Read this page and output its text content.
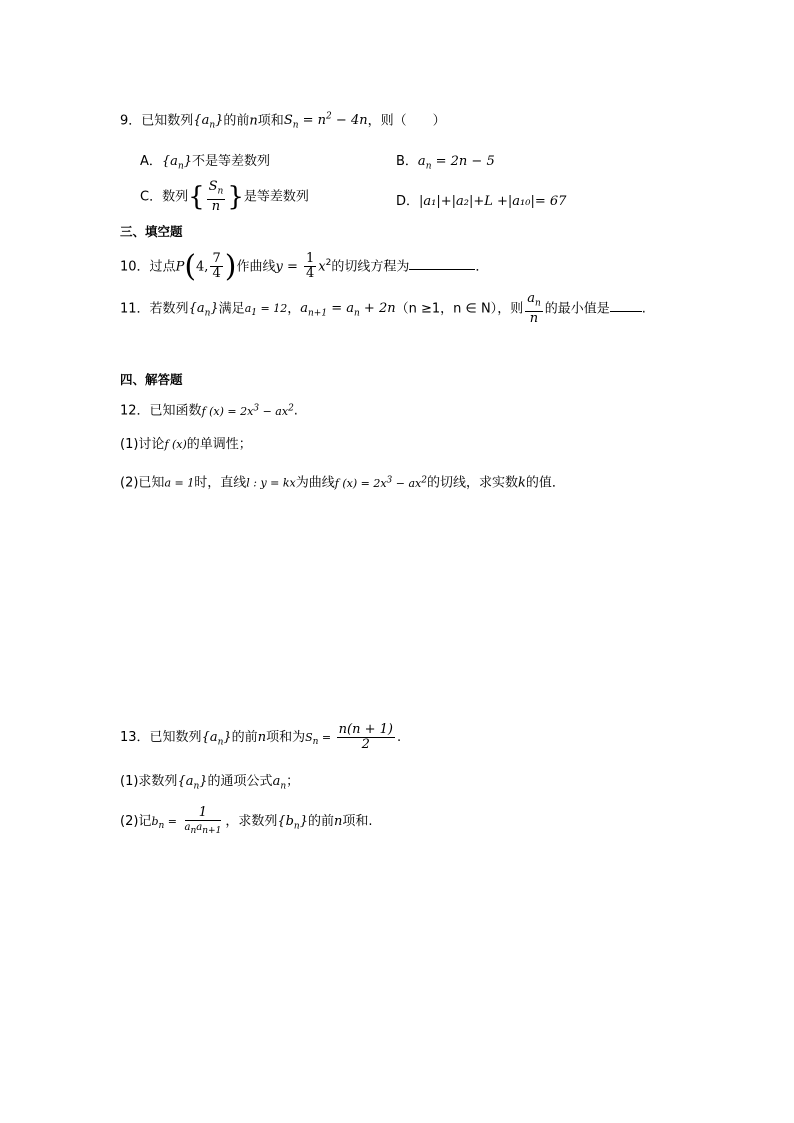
9．已知数列$\{a_n\}$的前n项和$S_n = n^2 - 4n$，则（　　）
A．$\{a_n\}$不是等差数列	B．$a_n = 2n - 5$
C．数列{ $\frac{S_n}{n}$ }是等差数列	D．|a₁|+|a₂|+L +|a₁₀|= 67
三、填空题
10．过点P(4, $\frac{7}{4}$ )作曲线$y = \frac{1}{4} x^2$的切线方程为	．
11．若数列$\{a_n\}$满足$a_1 = 12$，$a_{n+1} = a_n + 2n(n \ge 1$，n ∈ N），则 $\frac{a_n}{n}$ 的最小值是 .
四、解答题
12．已知函数f $(x) = 2x^3 - ax^2$.
(1)讨论f (x)的单调性；
(2)已知a = 1时，直线l : y = kx为曲线f $(x) = 2x^3 - ax^2$的切线，求实数k的值．
13．已知数列$\{a_n\}$的前n项和为$S_n = \frac{n(n + 1)}{2}$ .
(1)求数列$\{a_n\}$的通项公式$a_n$；
(2)记$b_n = \frac{1}{a_na_{n+1}}$ ，求数列$\{b_n\}$的前n项和.
